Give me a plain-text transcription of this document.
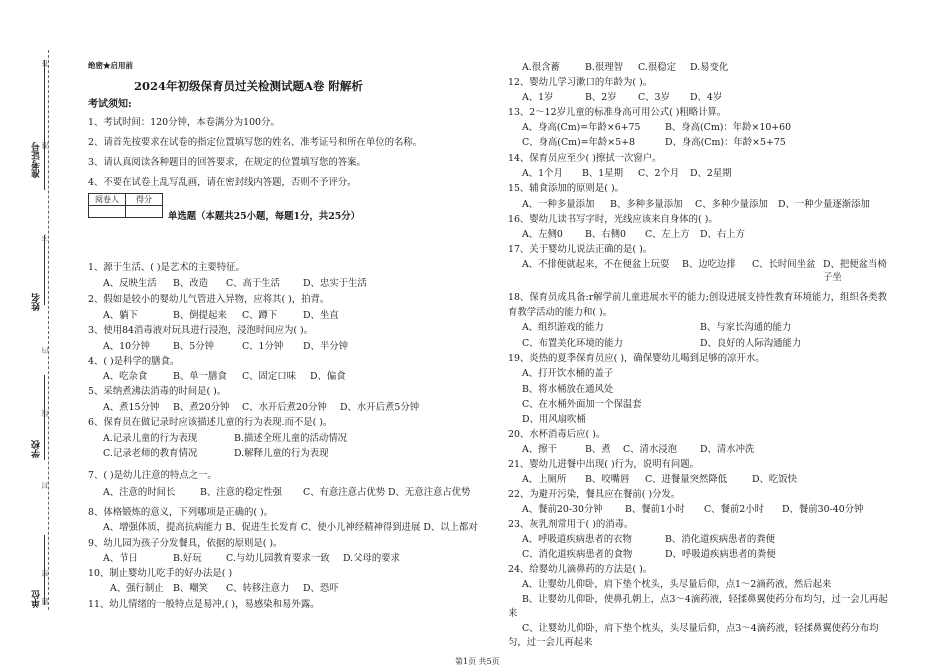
答
准
不
内
线
封
密
题
准考证号
姓名
学校
单位
绝密★启用前
2024年初级保育员过关检测试题A卷 附解析
考试须知:
1、考试时间：120分钟，本卷满分为100分。
2、请首先按要求在试卷的指定位置填写您的姓名、准考证号和所在单位的名称。
3、请认真阅读各种题目的回答要求，在规定的位置填写您的答案。
4、不要在试卷上乱写乱画，请在密封线内答题，否则不予评分。
阅卷人	得分

单选题（本题共25小题，每题1分，共25分）
1、源于生活、( )是艺术的主要特征。
A、反映生活 B、改造 C、高于生活 D、忠实于生活
2、假如是较小的婴幼儿气管进入异物，应将其( )，拍背。
A、躺下	B、倒提起来 C、蹲下	D、坐直
3、使用84消毒液对玩具进行浸泡，浸泡时间应为( )。
A、10分钟 B、5分钟	C、1分钟 D、半分钟
4、( )是科学的膳食。
A、吃杂食	B、单一膳食 C、固定口味 D、偏食
5、采纳煮沸法消毒的时间是( )。
A、煮15分钟 B、煮20分钟 C、水开后煮20分钟 D、水开后煮5分钟
6、保育员在做记录时应该描述儿童的行为表现.而不是( )。
A.记录儿童的行为表现	B.描述全班儿童的活动情况
C.记录老师的教育情况	D.解释儿童的行为表现
7、( )是幼儿注意的特点之一。
A、注意的时间长	B、注意的稳定性强 C、有意注意占优势 D、无意注意占优势
8、体格锻炼的意义，下列哪项是正确的( )。
A、增强体质，提高抗病能力 B、促进生长发育 C、使小儿神经精神得到进展 D、以上都对
9、幼儿园为孩子分发餐具，依据的原则是( )。
A、节日	B.好玩	C.与幼儿园教育要求一致 D.父母的要求
10、制止婴幼儿吃手的好办法是( )
A、强行制止 B、嘲笑 C、转移注意力 D、恐吓
11、幼儿情绪的一般特点是易冲,( )，易感染和易外露。
A.很含蓄	B.很理智 C.很稳定 D.易变化
12、婴幼儿学习漱口的年龄为( )。
A、1岁	B、2岁 C、3岁 D、4岁
13、2～12岁儿童的标准身高可用公式( )粗略计算。
A、身高(Cm)=年龄×6+75	B、身高(Cm)：年龄×10+60
C、身高(Cm)=年龄×5+8	D、身高(Cm)：年龄×5+75
14、保育员应至少( )擦拭一次窗户。
A、1个月 B、1星期 C、2个月 D、2星期
15、辅食添加的原则是( )。
A、一种多量添加 B、多种多量添加 C、多种少量添加 D、一种少量逐渐添加
16、婴幼儿读书写字时，光线应该来自身体的( )。
A、左侧0 B、右侧0 C、左上方 D、右上方
17、关于婴幼儿说法正确的是( )。
A、不排便就起来，不在便盆上玩耍 B、边吃边排 C、长时间坐盆 D、把便盆当椅子坐
18、保育员成具备:r解学前儿童进展水平的能力;创设进展支持性教育环境能力，组织各类教育教学活动的能力和( )。
A、组织游戏的能力	B、与家长沟通的能力
C、布置美化环境的能力	D、良好的人际沟通能力
19、炎热的夏季保育员应( )，确保婴幼儿喝到足够的凉开水。
A、打开饮水桶的盖子
B、将水桶放在通风处
C、在水桶外面加一个保温套
D、用风扇吹桶
20、水杯消毒后应( )。
A、擦干	B、煮 C、清水浸泡 D、清水冲洗
21、婴幼儿进餐中出现( )行为，说明有问题。
A、上厕所 B、咬嘴唇 C、进餐量突然降低	D、吃饭快
22、为避开污染，餐具应在餐前( )分发。
A、餐前20-30分钟 B、餐前1小时 C、餐前2小时 D、餐前30-40分钟
23、灰乳剂常用于( )的消毒。
A、呼吸道疾病患者的衣物	B、消化道疾病患者的粪便
C、消化道疾病患者的食物	D、呼吸道疾病患者的粪便
24、给婴幼儿滴鼻药的方法是( )。
A、让婴幼儿仰卧，肩下垫个枕头，头尽量后仰，点1～2滴药液，然后起来
B、让婴幼儿仰卧，使鼻孔朝上，点3～4滴药液，轻揉鼻翼使药分布均匀，过一会儿再起来
C、让婴幼儿仰卧，肩下垫个枕头，头尽量后仰，点3～4滴药液，轻揉鼻翼使药分布均匀，过一会儿再起来
第1页 共5页
